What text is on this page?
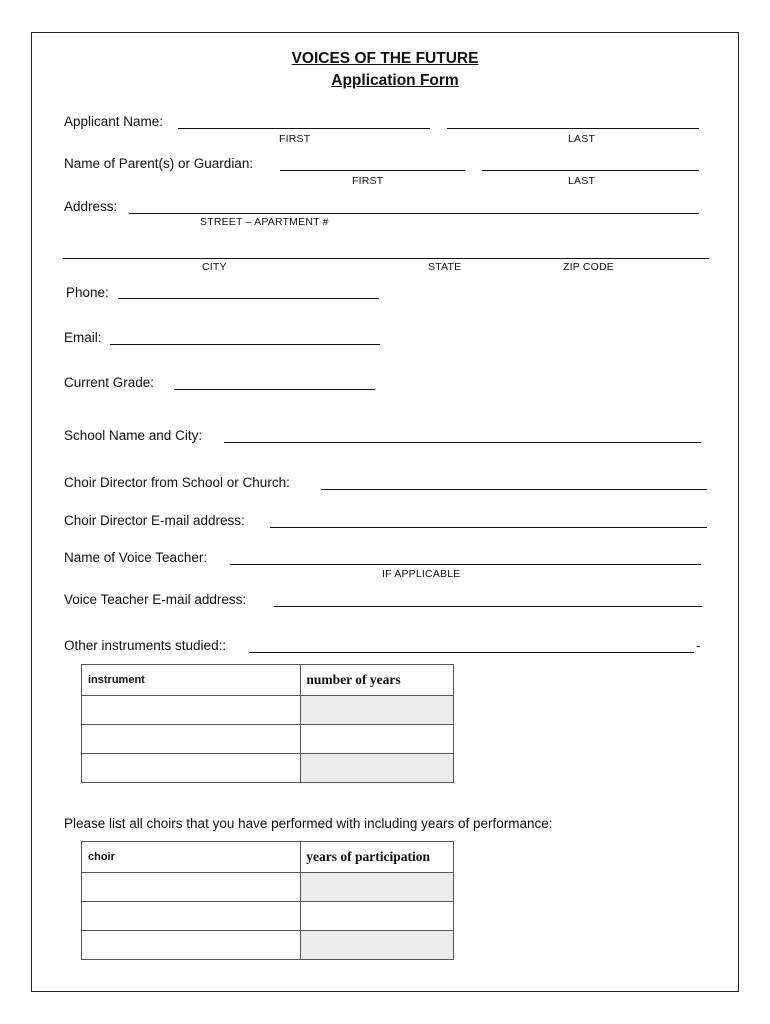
VOICES OF THE FUTURE
Application Form
Applicant Name:
FIRST	LAST
Name of Parent(s) or Guardian:
FIRST	LAST
Address:
STREET – APARTMENT #
CITY	STATE	ZIP CODE
Phone:
Email:
Current Grade:
School Name and City:
Choir Director from School or Church:
Choir Director E-mail address:
Name of Voice Teacher:
IF APPLICABLE
Voice Teacher E-mail address:
Other instruments studied::	-
instrument	number of years

Please list all choirs that you have performed with including years of performance:
choir	years of participation
